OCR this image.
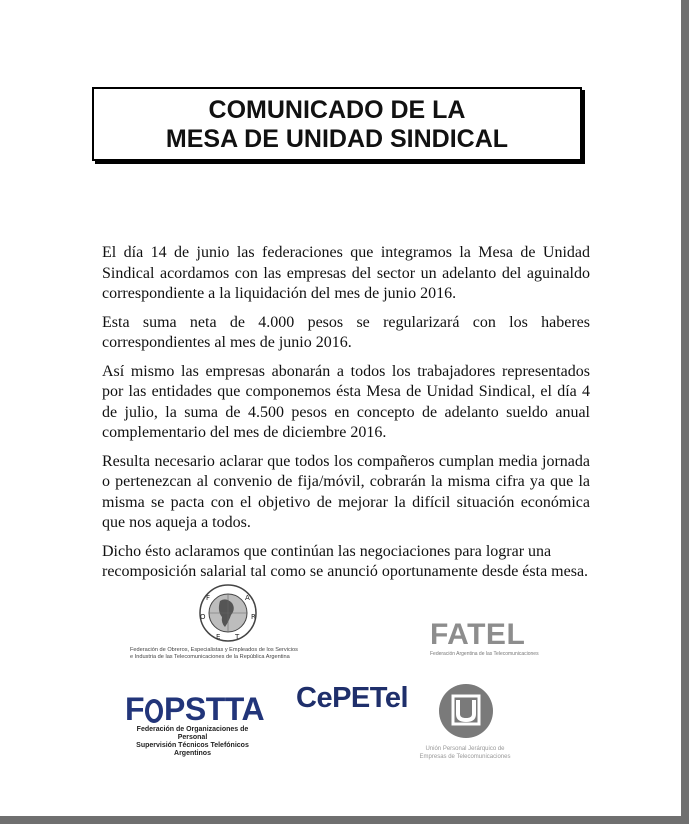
COMUNICADO DE LA
MESA DE UNIDAD SINDICAL

El día 14 de junio las federaciones que integramos la Mesa de Unidad Sindical acordamos con las empresas del sector un adelanto del aguinaldo correspondiente a la liquidación del mes de junio 2016.

Esta suma neta de 4.000 pesos se regularizará con los haberes correspondientes al mes de junio 2016.

Así mismo las empresas abonarán a todos los trabajadores representados por las entidades que componemos ésta Mesa de Unidad Sindical, el día 4 de julio, la suma de 4.500 pesos en concepto de adelanto sueldo anual complementario del mes de diciembre 2016.

Resulta necesario aclarar que todos los compañeros cumplan media jornada o pertenezcan al convenio de fija/móvil, cobrarán la misma cifra ya que la misma se pacta con el objetivo de mejorar la difícil situación económica que nos aqueja a todos.

Dicho ésto aclaramos que continúan las negociaciones para lograr una recomposición salarial tal como se anunció oportunamente desde ésta mesa.

F
O
E T
R
A
Federación de Obreros, Especialistas y Empleados de los Servicios
e Industria de las Telecomunicaciones de la República Argentina
FATEL
Federación Argentina de las Telecomunicaciones
F PSTTA
Federación de Organizaciones de Personal
Supervisión Técnicos Telefónicos Argentinos
CePETel
Unión Personal Jerárquico de
Empresas de Telecomunicaciones
